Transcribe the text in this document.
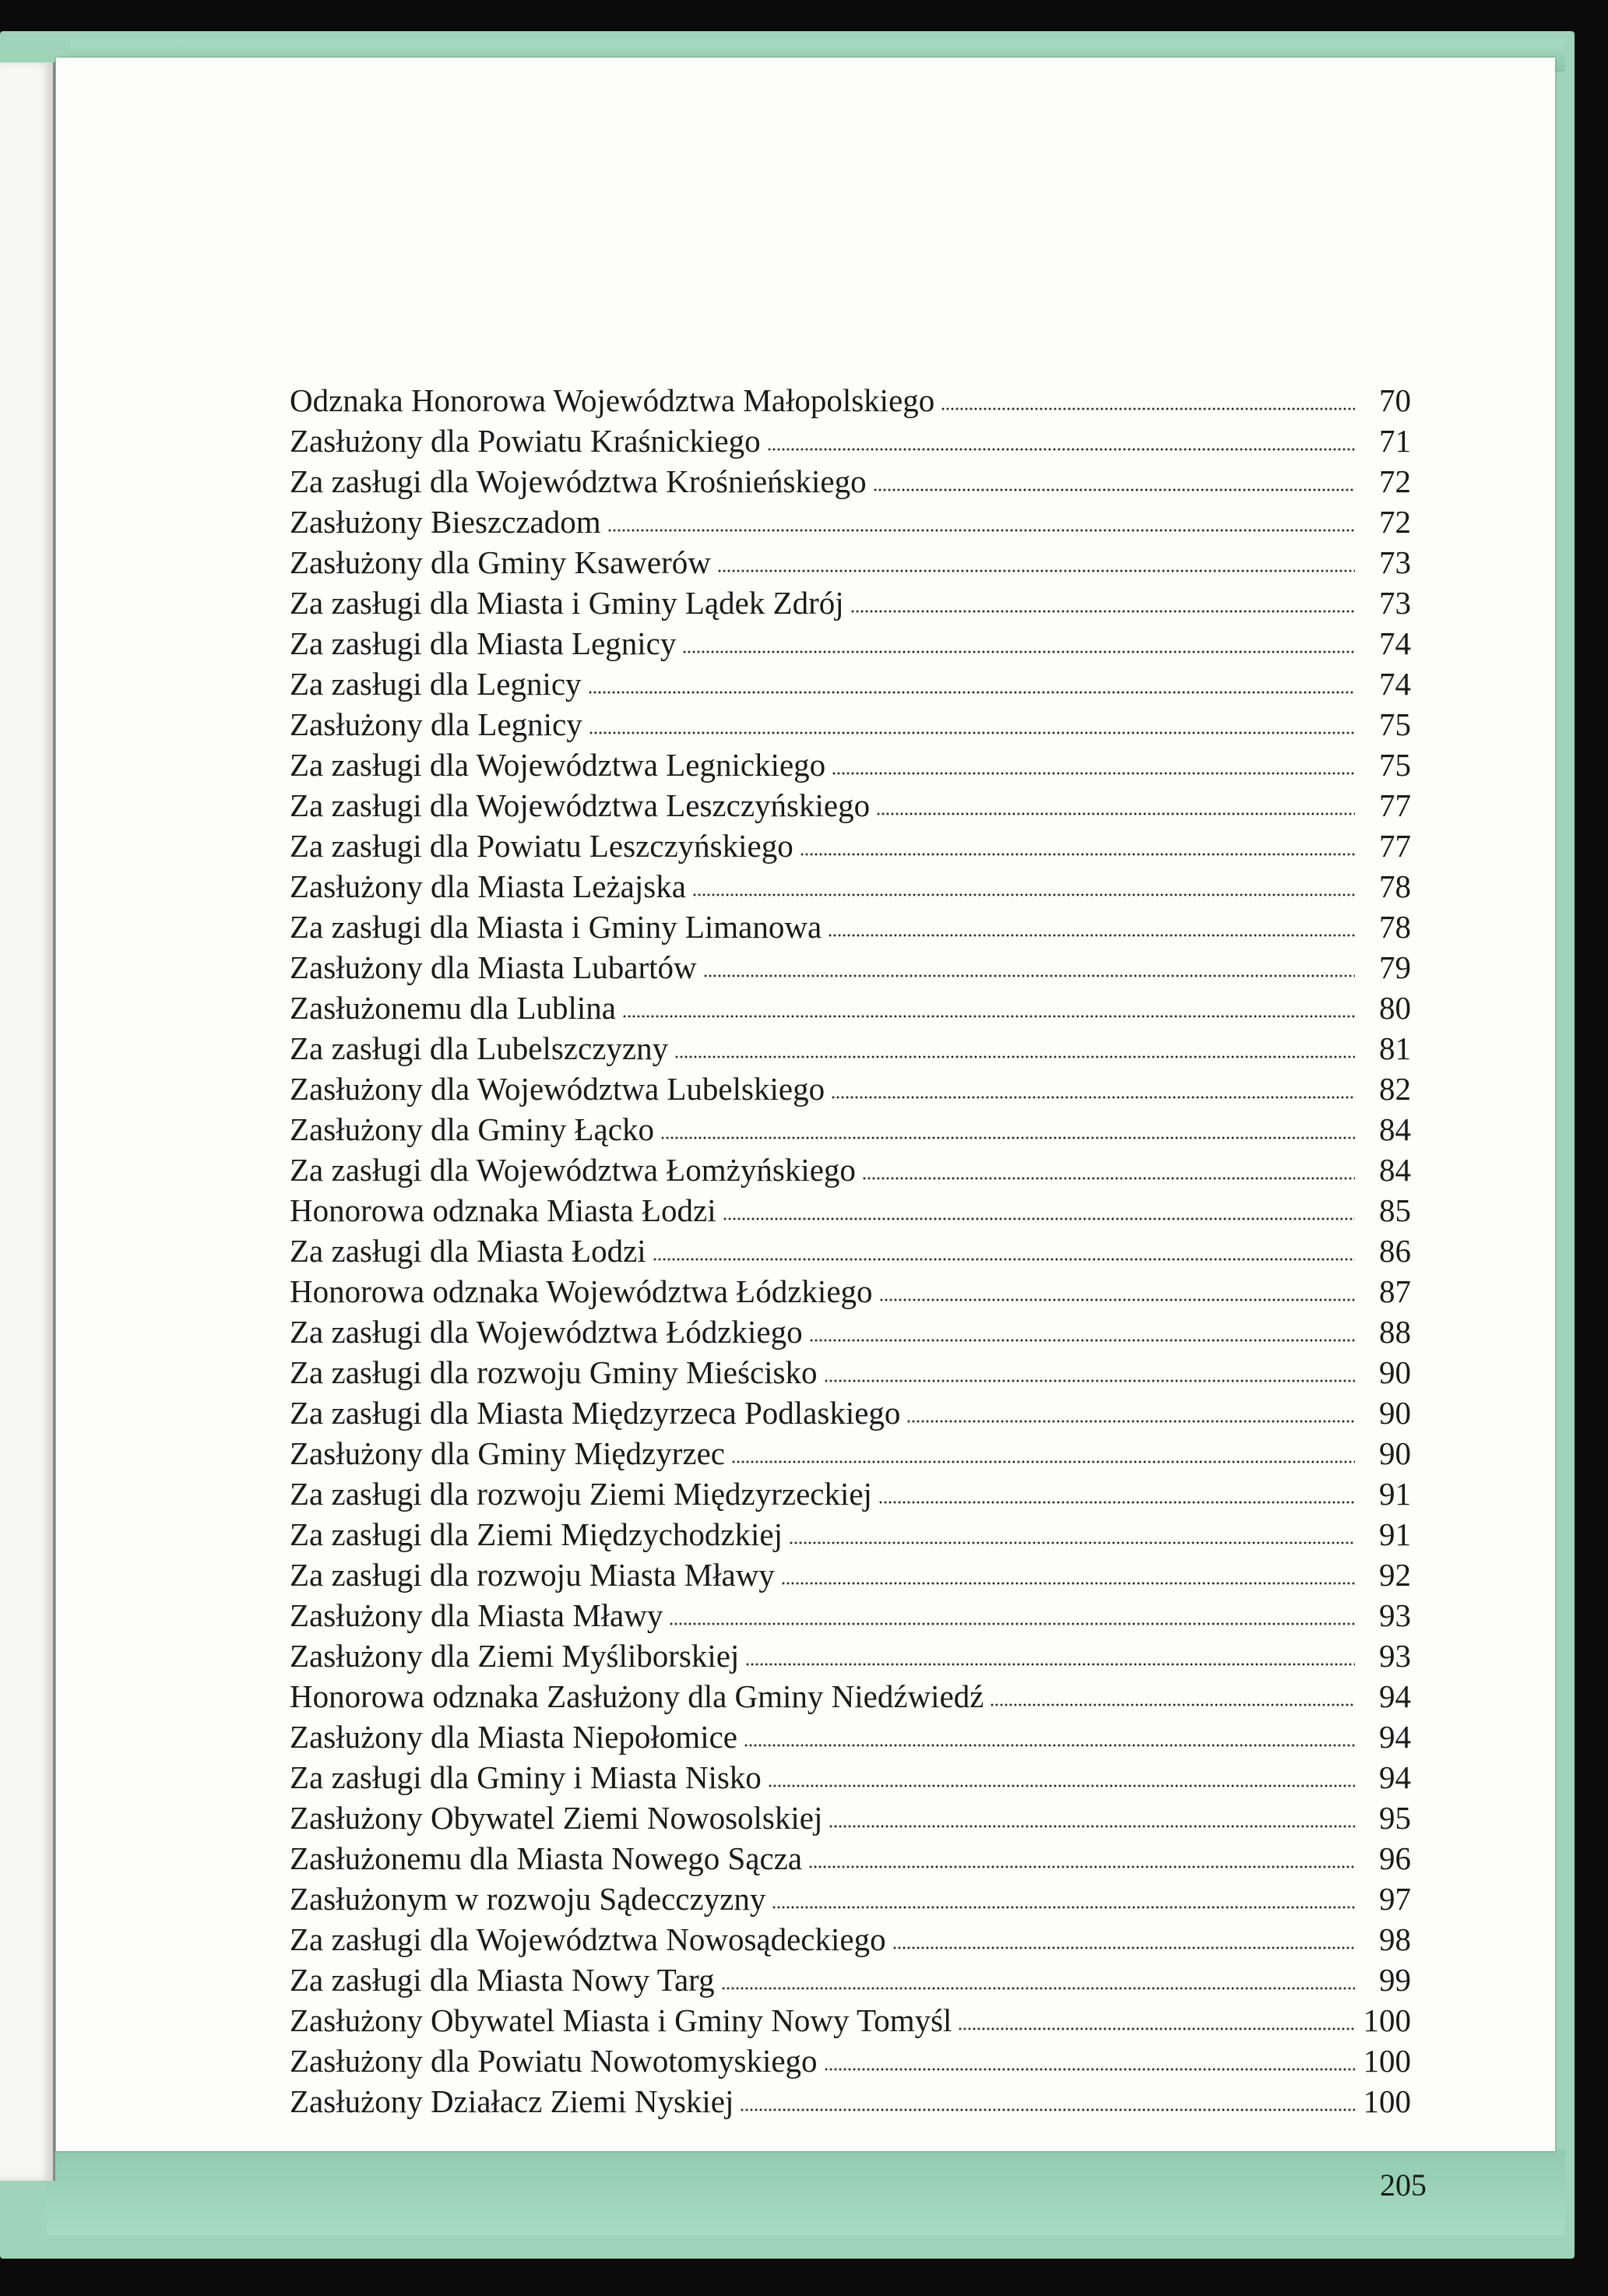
Odznaka Honorowa Województwa Małopolskiego	70
Zasłużony dla Powiatu Kraśnickiego	71
Za zasługi dla Województwa Krośnieńskiego	72
Zasłużony Bieszczadom	72
Zasłużony dla Gminy Ksawerów	73
Za zasługi dla Miasta i Gminy Lądek Zdrój	73
Za zasługi dla Miasta Legnicy	74
Za zasługi dla Legnicy	74
Zasłużony dla Legnicy	75
Za zasługi dla Województwa Legnickiego	75
Za zasługi dla Województwa Leszczyńskiego	77
Za zasługi dla Powiatu Leszczyńskiego	77
Zasłużony dla Miasta Leżajska	78
Za zasługi dla Miasta i Gminy Limanowa	78
Zasłużony dla Miasta Lubartów	79
Zasłużonemu dla Lublina	80
Za zasługi dla Lubelszczyzny	81
Zasłużony dla Województwa Lubelskiego	82
Zasłużony dla Gminy Łącko	84
Za zasługi dla Województwa Łomżyńskiego	84
Honorowa odznaka Miasta Łodzi	85
Za zasługi dla Miasta Łodzi	86
Honorowa odznaka Województwa Łódzkiego	87
Za zasługi dla Województwa Łódzkiego	88
Za zasługi dla rozwoju Gminy Mieścisko	90
Za zasługi dla Miasta Międzyrzeca Podlaskiego	90
Zasłużony dla Gminy Międzyrzec	90
Za zasługi dla rozwoju Ziemi Międzyrzeckiej	91
Za zasługi dla Ziemi Międzychodzkiej	91
Za zasługi dla rozwoju Miasta Mławy	92
Zasłużony dla Miasta Mławy	93
Zasłużony dla Ziemi Myśliborskiej	93
Honorowa odznaka Zasłużony dla Gminy Niedźwiedź	94
Zasłużony dla Miasta Niepołomice	94
Za zasługi dla Gminy i Miasta Nisko	94
Zasłużony Obywatel Ziemi Nowosolskiej	95
Zasłużonemu dla Miasta Nowego Sącza	96
Zasłużonym w rozwoju Sądecczyzny	97
Za zasługi dla Województwa Nowosądeckiego	98
Za zasługi dla Miasta Nowy Targ	99
Zasłużony Obywatel Miasta i Gminy Nowy Tomyśl	100
Zasłużony dla Powiatu Nowotomyskiego	100
Zasłużony Działacz Ziemi Nyskiej	100
205
